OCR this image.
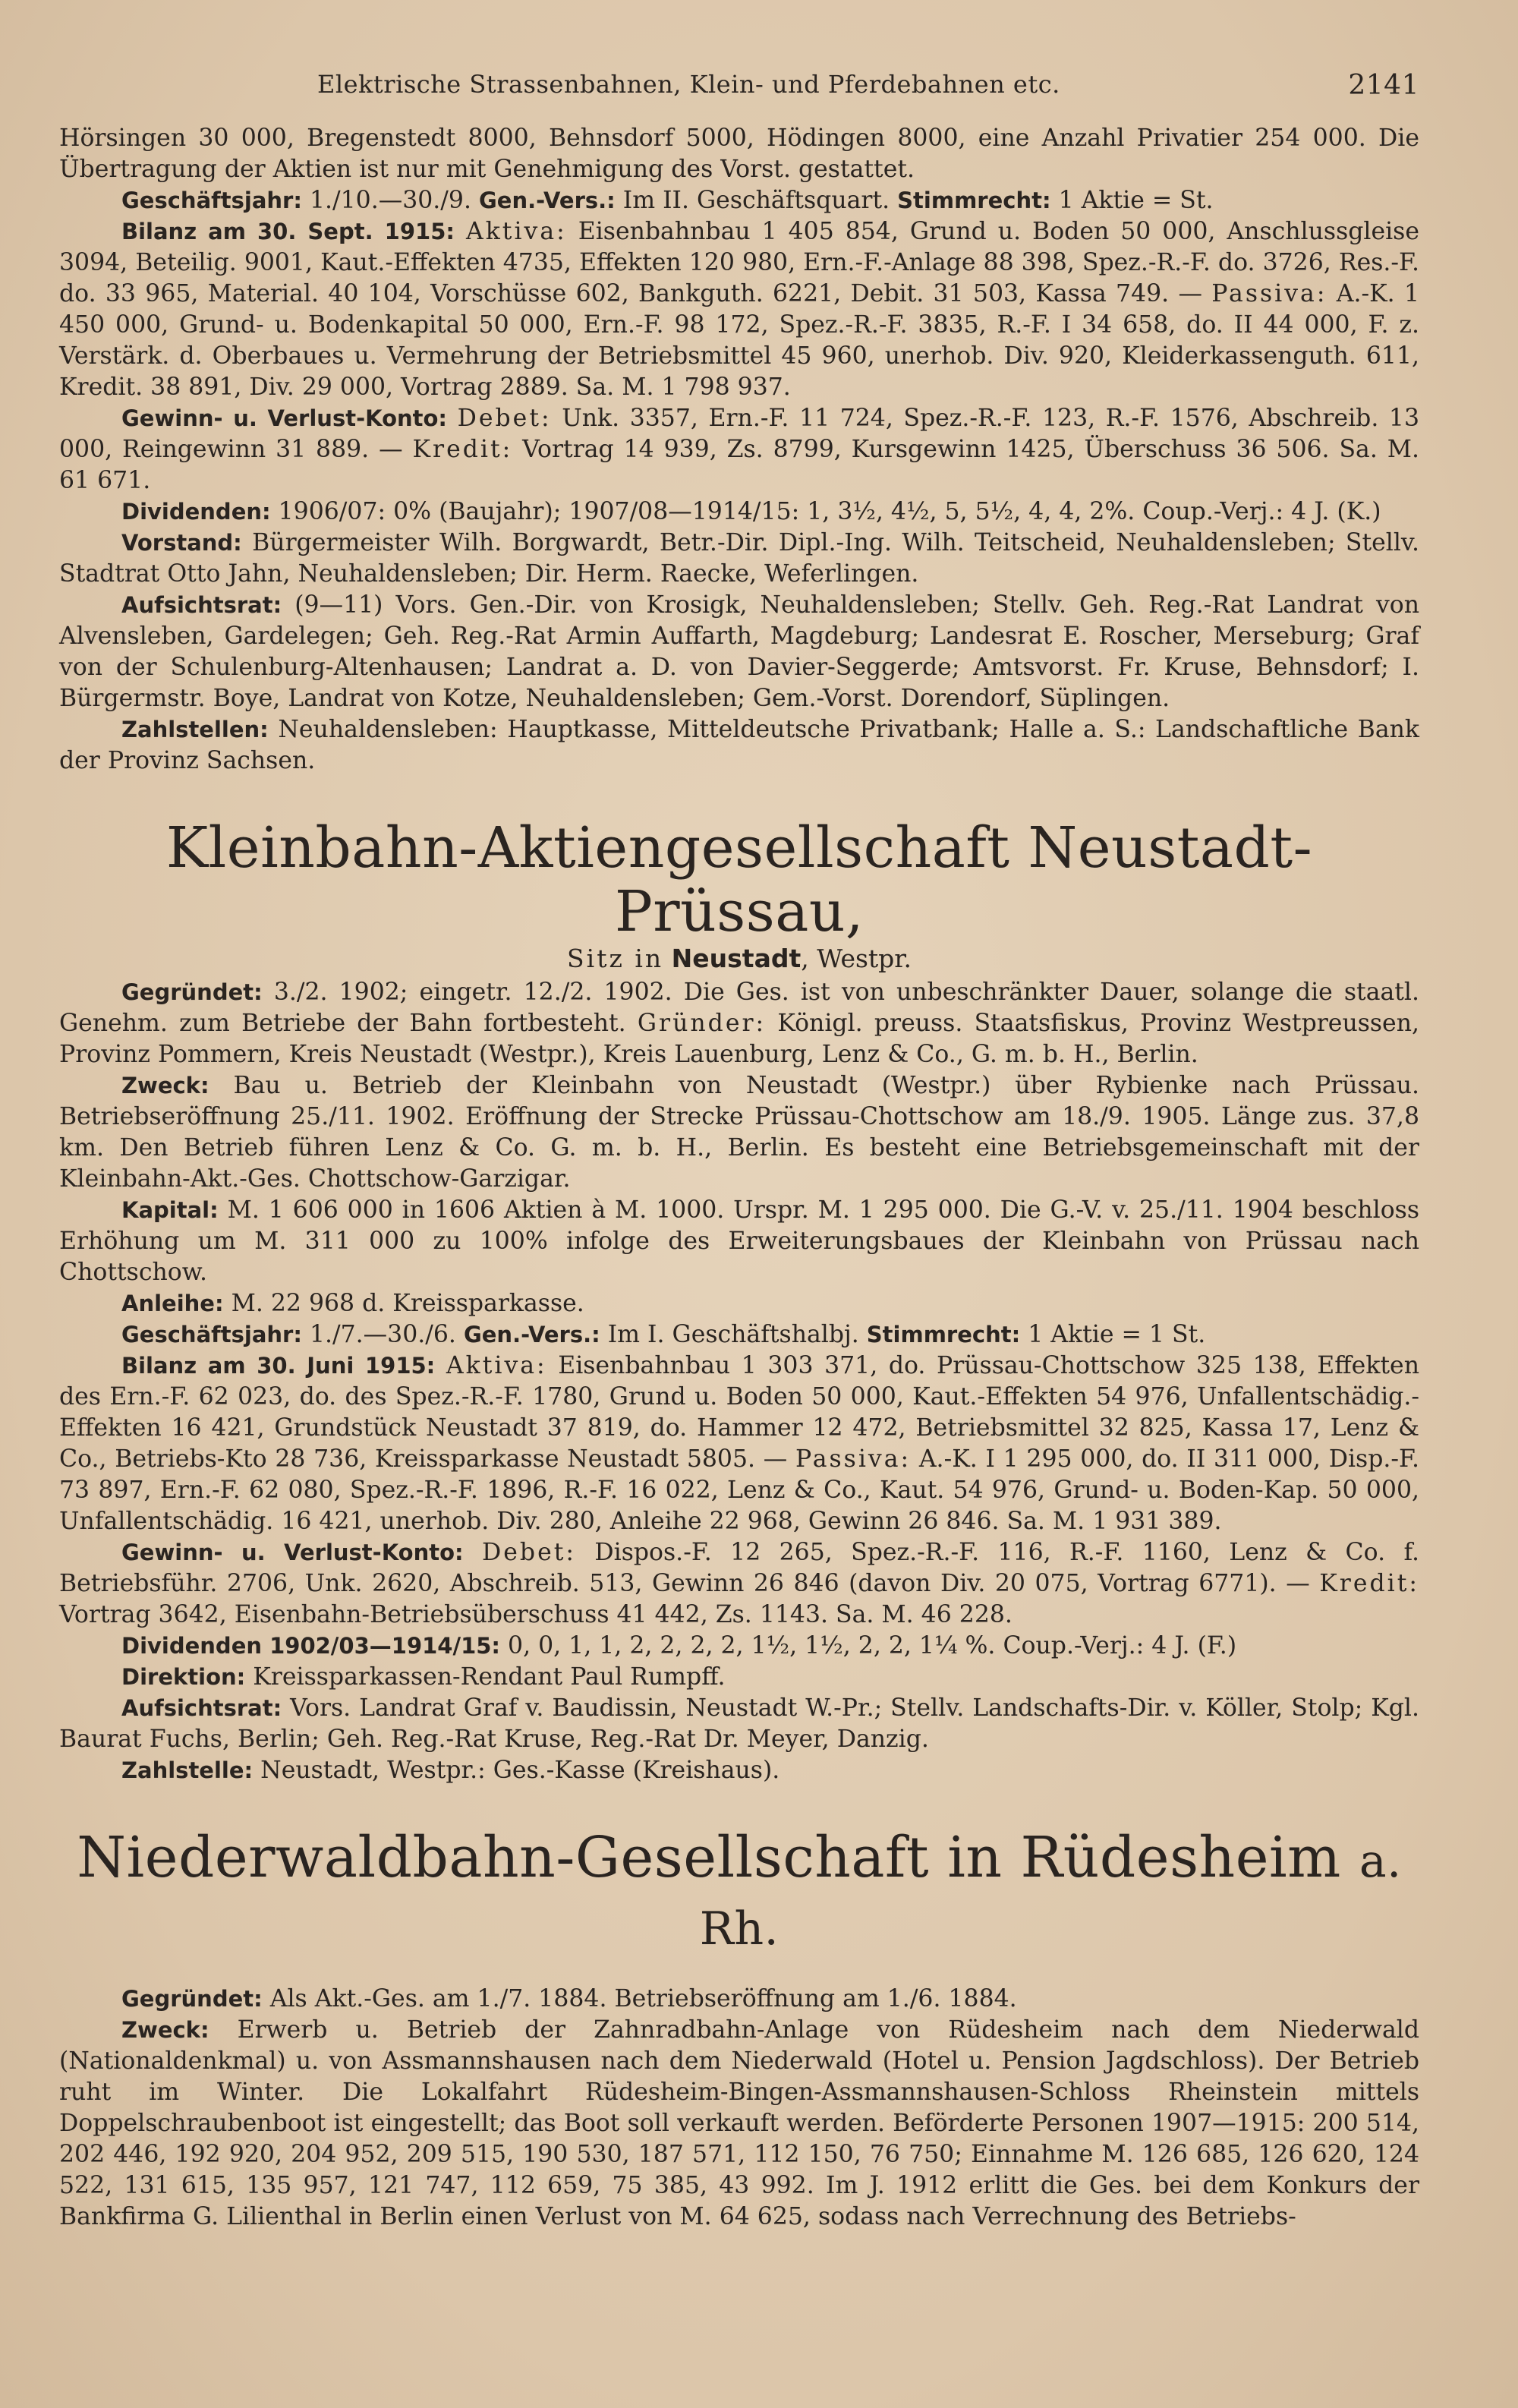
Elektrische Strassenbahnen, Klein- und Pferdebahnen etc.	2141

Hörsingen 30 000, Bregenstedt 8000, Behnsdorf 5000, Hödingen 8000, eine Anzahl Privatier 254 000. Die Übertragung der Aktien ist nur mit Genehmigung des Vorst. gestattet.

Geschäftsjahr: 1./10.—30./9. Gen.-Vers.: Im II. Geschäftsquart. Stimmrecht: 1 Aktie = St.

Bilanz am 30. Sept. 1915: Aktiva: Eisenbahnbau 1 405 854, Grund u. Boden 50 000, Anschlussgleise 3094, Beteilig. 9001, Kaut.-Effekten 4735, Effekten 120 980, Ern.-F.-Anlage 88 398, Spez.-R.-F. do. 3726, Res.-F. do. 33 965, Material. 40 104, Vorschüsse 602, Bankguth. 6221, Debit. 31 503, Kassa 749. — Passiva: A.-K. 1 450 000, Grund- u. Bodenkapital 50 000, Ern.-F. 98 172, Spez.-R.-F. 3835, R.-F. I 34 658, do. II 44 000, F. z. Verstärk. d. Oberbaues u. Vermehrung der Betriebsmittel 45 960, unerhob. Div. 920, Kleiderkassenguth. 611, Kredit. 38 891, Div. 29 000, Vortrag 2889. Sa. M. 1 798 937.

Gewinn- u. Verlust-Konto: Debet: Unk. 3357, Ern.-F. 11 724, Spez.-R.-F. 123, R.-F. 1576, Abschreib. 13 000, Reingewinn 31 889. — Kredit: Vortrag 14 939, Zs. 8799, Kursgewinn 1425, Überschuss 36 506. Sa. M. 61 671.

Dividenden: 1906/07: 0% (Baujahr); 1907/08—1914/15: 1, 3½, 4½, 5, 5½, 4, 4, 2%. Coup.-Verj.: 4 J. (K.)

Vorstand: Bürgermeister Wilh. Borgwardt, Betr.-Dir. Dipl.-Ing. Wilh. Teitscheid, Neuhaldensleben; Stellv. Stadtrat Otto Jahn, Neuhaldensleben; Dir. Herm. Raecke, Weferlingen.

Aufsichtsrat: (9—11) Vors. Gen.-Dir. von Krosigk, Neuhaldensleben; Stellv. Geh. Reg.-Rat Landrat von Alvensleben, Gardelegen; Geh. Reg.-Rat Armin Auffarth, Magdeburg; Landesrat E. Roscher, Merseburg; Graf von der Schulenburg-Altenhausen; Landrat a. D. von Davier-Seggerde; Amtsvorst. Fr. Kruse, Behnsdorf; I. Bürgermstr. Boye, Landrat von Kotze, Neuhaldensleben; Gem.-Vorst. Dorendorf, Süplingen.

Zahlstellen: Neuhaldensleben: Hauptkasse, Mitteldeutsche Privatbank; Halle a. S.: Landschaftliche Bank der Provinz Sachsen.

Kleinbahn-Aktiengesellschaft Neustadt-Prüssau,
Sitz in Neustadt, Westpr.

Gegründet: 3./2. 1902; eingetr. 12./2. 1902. Die Ges. ist von unbeschränkter Dauer, solange die staatl. Genehm. zum Betriebe der Bahn fortbesteht. Gründer: Königl. preuss. Staatsfiskus, Provinz Westpreussen, Provinz Pommern, Kreis Neustadt (Westpr.), Kreis Lauenburg, Lenz & Co., G. m. b. H., Berlin.

Zweck: Bau u. Betrieb der Kleinbahn von Neustadt (Westpr.) über Rybienke nach Prüssau. Betriebseröffnung 25./11. 1902. Eröffnung der Strecke Prüssau-Chottschow am 18./9. 1905. Länge zus. 37,8 km. Den Betrieb führen Lenz & Co. G. m. b. H., Berlin. Es besteht eine Betriebsgemeinschaft mit der Kleinbahn-Akt.-Ges. Chottschow-Garzigar.

Kapital: M. 1 606 000 in 1606 Aktien à M. 1000. Urspr. M. 1 295 000. Die G.-V. v. 25./11. 1904 beschloss Erhöhung um M. 311 000 zu 100% infolge des Erweiterungsbaues der Kleinbahn von Prüssau nach Chottschow.

Anleihe: M. 22 968 d. Kreissparkasse.

Geschäftsjahr: 1./7.—30./6. Gen.-Vers.: Im I. Geschäftshalbj. Stimmrecht: 1 Aktie = 1 St.

Bilanz am 30. Juni 1915: Aktiva: Eisenbahnbau 1 303 371, do. Prüssau-Chottschow 325 138, Effekten des Ern.-F. 62 023, do. des Spez.-R.-F. 1780, Grund u. Boden 50 000, Kaut.-Effekten 54 976, Unfallentschädig.-Effekten 16 421, Grundstück Neustadt 37 819, do. Hammer 12 472, Betriebsmittel 32 825, Kassa 17, Lenz & Co., Betriebs-Kto 28 736, Kreissparkasse Neustadt 5805. — Passiva: A.-K. I 1 295 000, do. II 311 000, Disp.-F. 73 897, Ern.-F. 62 080, Spez.-R.-F. 1896, R.-F. 16 022, Lenz & Co., Kaut. 54 976, Grund- u. Boden-Kap. 50 000, Unfallentschädig. 16 421, unerhob. Div. 280, Anleihe 22 968, Gewinn 26 846. Sa. M. 1 931 389.

Gewinn- u. Verlust-Konto: Debet: Dispos.-F. 12 265, Spez.-R.-F. 116, R.-F. 1160, Lenz & Co. f. Betriebsführ. 2706, Unk. 2620, Abschreib. 513, Gewinn 26 846 (davon Div. 20 075, Vortrag 6771). — Kredit: Vortrag 3642, Eisenbahn-Betriebsüberschuss 41 442, Zs. 1143. Sa. M. 46 228.

Dividenden 1902/03—1914/15: 0, 0, 1, 1, 2, 2, 2, 2, 1½, 1½, 2, 2, 1¼ %. Coup.-Verj.: 4 J. (F.)

Direktion: Kreissparkassen-Rendant Paul Rumpff.

Aufsichtsrat: Vors. Landrat Graf v. Baudissin, Neustadt W.-Pr.; Stellv. Landschafts-Dir. v. Köller, Stolp; Kgl. Baurat Fuchs, Berlin; Geh. Reg.-Rat Kruse, Reg.-Rat Dr. Meyer, Danzig.

Zahlstelle: Neustadt, Westpr.: Ges.-Kasse (Kreishaus).

Niederwaldbahn-Gesellschaft in Rüdesheim a. Rh.

Gegründet: Als Akt.-Ges. am 1./7. 1884. Betriebseröffnung am 1./6. 1884.

Zweck: Erwerb u. Betrieb der Zahnradbahn-Anlage von Rüdesheim nach dem Niederwald (Nationaldenkmal) u. von Assmannshausen nach dem Niederwald (Hotel u. Pension Jagdschloss). Der Betrieb ruht im Winter. Die Lokalfahrt Rüdesheim-Bingen-Assmannshausen-Schloss Rheinstein mittels Doppelschraubenboot ist eingestellt; das Boot soll verkauft werden. Beförderte Personen 1907—1915: 200 514, 202 446, 192 920, 204 952, 209 515, 190 530, 187 571, 112 150, 76 750; Einnahme M. 126 685, 126 620, 124 522, 131 615, 135 957, 121 747, 112 659, 75 385, 43 992. Im J. 1912 erlitt die Ges. bei dem Konkurs der Bankfirma G. Lilienthal in Berlin einen Verlust von M. 64 625, sodass nach Verrechnung des Betriebs-
